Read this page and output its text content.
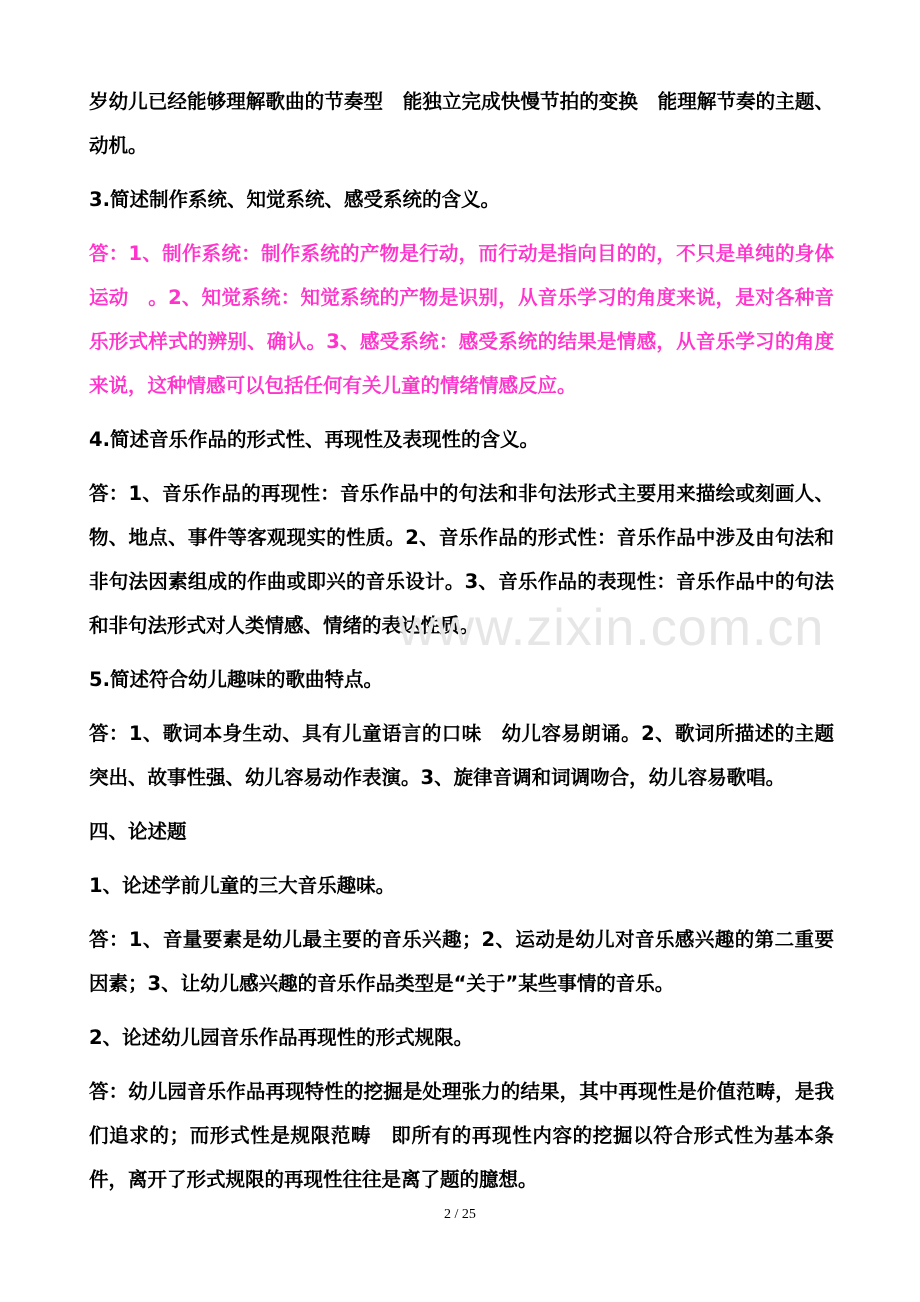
岁幼儿已经能够理解歌曲的节奏型　能独立完成快慢节拍的变换　能理解节奏的主题、动机。

3.简述制作系统、知觉系统、感受系统的含义。

答：1、制作系统：制作系统的产物是行动，而行动是指向目的的，不只是单纯的身体运动　。2、知觉系统：知觉系统的产物是识别，从音乐学习的角度来说，是对各种音乐形式样式的辨别、确认。3、感受系统：感受系统的结果是情感，从音乐学习的角度来说，这种情感可以包括任何有关儿童的情绪情感反应。

4.简述音乐作品的形式性、再现性及表现性的含义。

答：1、音乐作品的再现性：音乐作品中的句法和非句法形式主要用来描绘或刻画人、物、地点、事件等客观现实的性质。2、音乐作品的形式性：音乐作品中涉及由句法和非句法因素组成的作曲或即兴的音乐设计。3、音乐作品的表现性：音乐作品中的句法和非句法形式对人类情感、情绪的表达性质。

5.简述符合幼儿趣味的歌曲特点。

答：1、歌词本身生动、具有儿童语言的口味　幼儿容易朗诵。2、歌词所描述的主题突出、故事性强、幼儿容易动作表演。3、旋律音调和词调吻合，幼儿容易歌唱。

四、论述题

1、论述学前儿童的三大音乐趣味。

答：1、音量要素是幼儿最主要的音乐兴趣；2、运动是幼儿对音乐感兴趣的第二重要因素；3、让幼儿感兴趣的音乐作品类型是“关于”某些事情的音乐。

2、论述幼儿园音乐作品再现性的形式规限。

答：幼儿园音乐作品再现特性的挖掘是处理张力的结果，其中再现性是价值范畴，是我们追求的；而形式性是规限范畴　即所有的再现性内容的挖掘以符合形式性为基本条件，离开了形式规限的再现性往往是离了题的臆想。

www.zixin.com.cn
2 / 25
